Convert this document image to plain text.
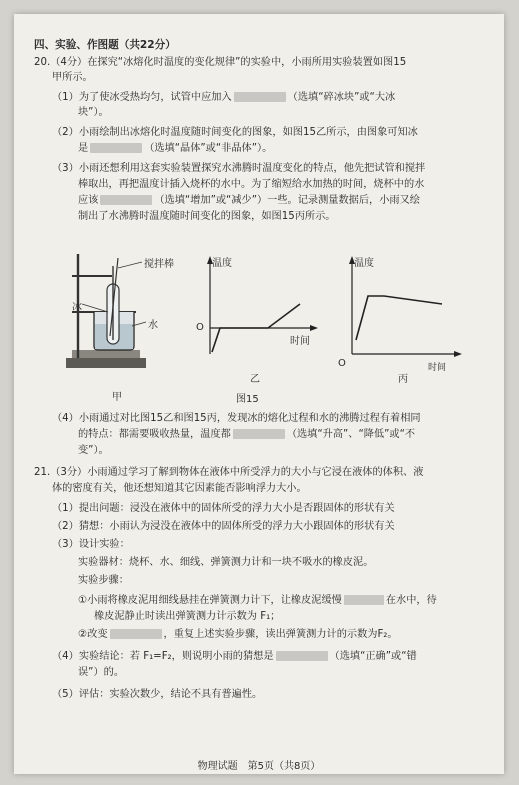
四、实验、作图题（共22分）
20.（4分）在探究“冰熔化时温度的变化规律”的实验中，小雨所用实验装置如图15
甲所示。
（1）为了使冰受热均匀，试管中应加入	（选填“碎冰块”或“大冰
块”）。
（2）小雨绘制出冰熔化时温度随时间变化的图象，如图15乙所示，由图象可知冰
是	（选填“晶体”或“非晶体”）。
（3）小雨还想利用这套实验装置探究水沸腾时温度变化的特点，他先把试管和搅拌
棒取出，再把温度计插入烧杯的水中。为了缩短给水加热的时间，烧杯中的水
应该	（选填“增加”或“减少”）一些。记录测量数据后，小雨又绘
制出了水沸腾时温度随时间变化的图象，如图15丙所示。
搅拌棒
冰
水
甲
温度
O
时间
乙
温度
O	时间
丙
图15
（4）小雨通过对比图15乙和图15丙，发现冰的熔化过程和水的沸腾过程有着相同
的特点：都需要吸收热量，温度都	（选填“升高”、“降低”或“不
变”）。
21.（3分）小雨通过学习了解到物体在液体中所受浮力的大小与它浸在液体的体积、液
体的密度有关，他还想知道其它因素能否影响浮力大小。
（1）提出问题：浸没在液体中的固体所受的浮力大小是否跟固体的形状有关
（2）猜想：小雨认为浸没在液体中的固体所受的浮力大小跟固体的形状有关
（3）设计实验：
实验器材：烧杯、水、细线、弹簧测力计和一块不吸水的橡皮泥。
实验步骤：
①小雨将橡皮泥用细线悬挂在弹簧测力计下，让橡皮泥缓慢	在水中，待
橡皮泥静止时读出弹簧测力计示数为 F₁；
②改变	，重复上述实验步骤，读出弹簧测力计的示数为F₂。
（4）实验结论：若 F₁=F₂，则说明小雨的猜想是	（选填“正确”或“错
误”）的。
（5）评估：实验次数少，结论不具有普遍性。
物理试题　第5页（共8页）
